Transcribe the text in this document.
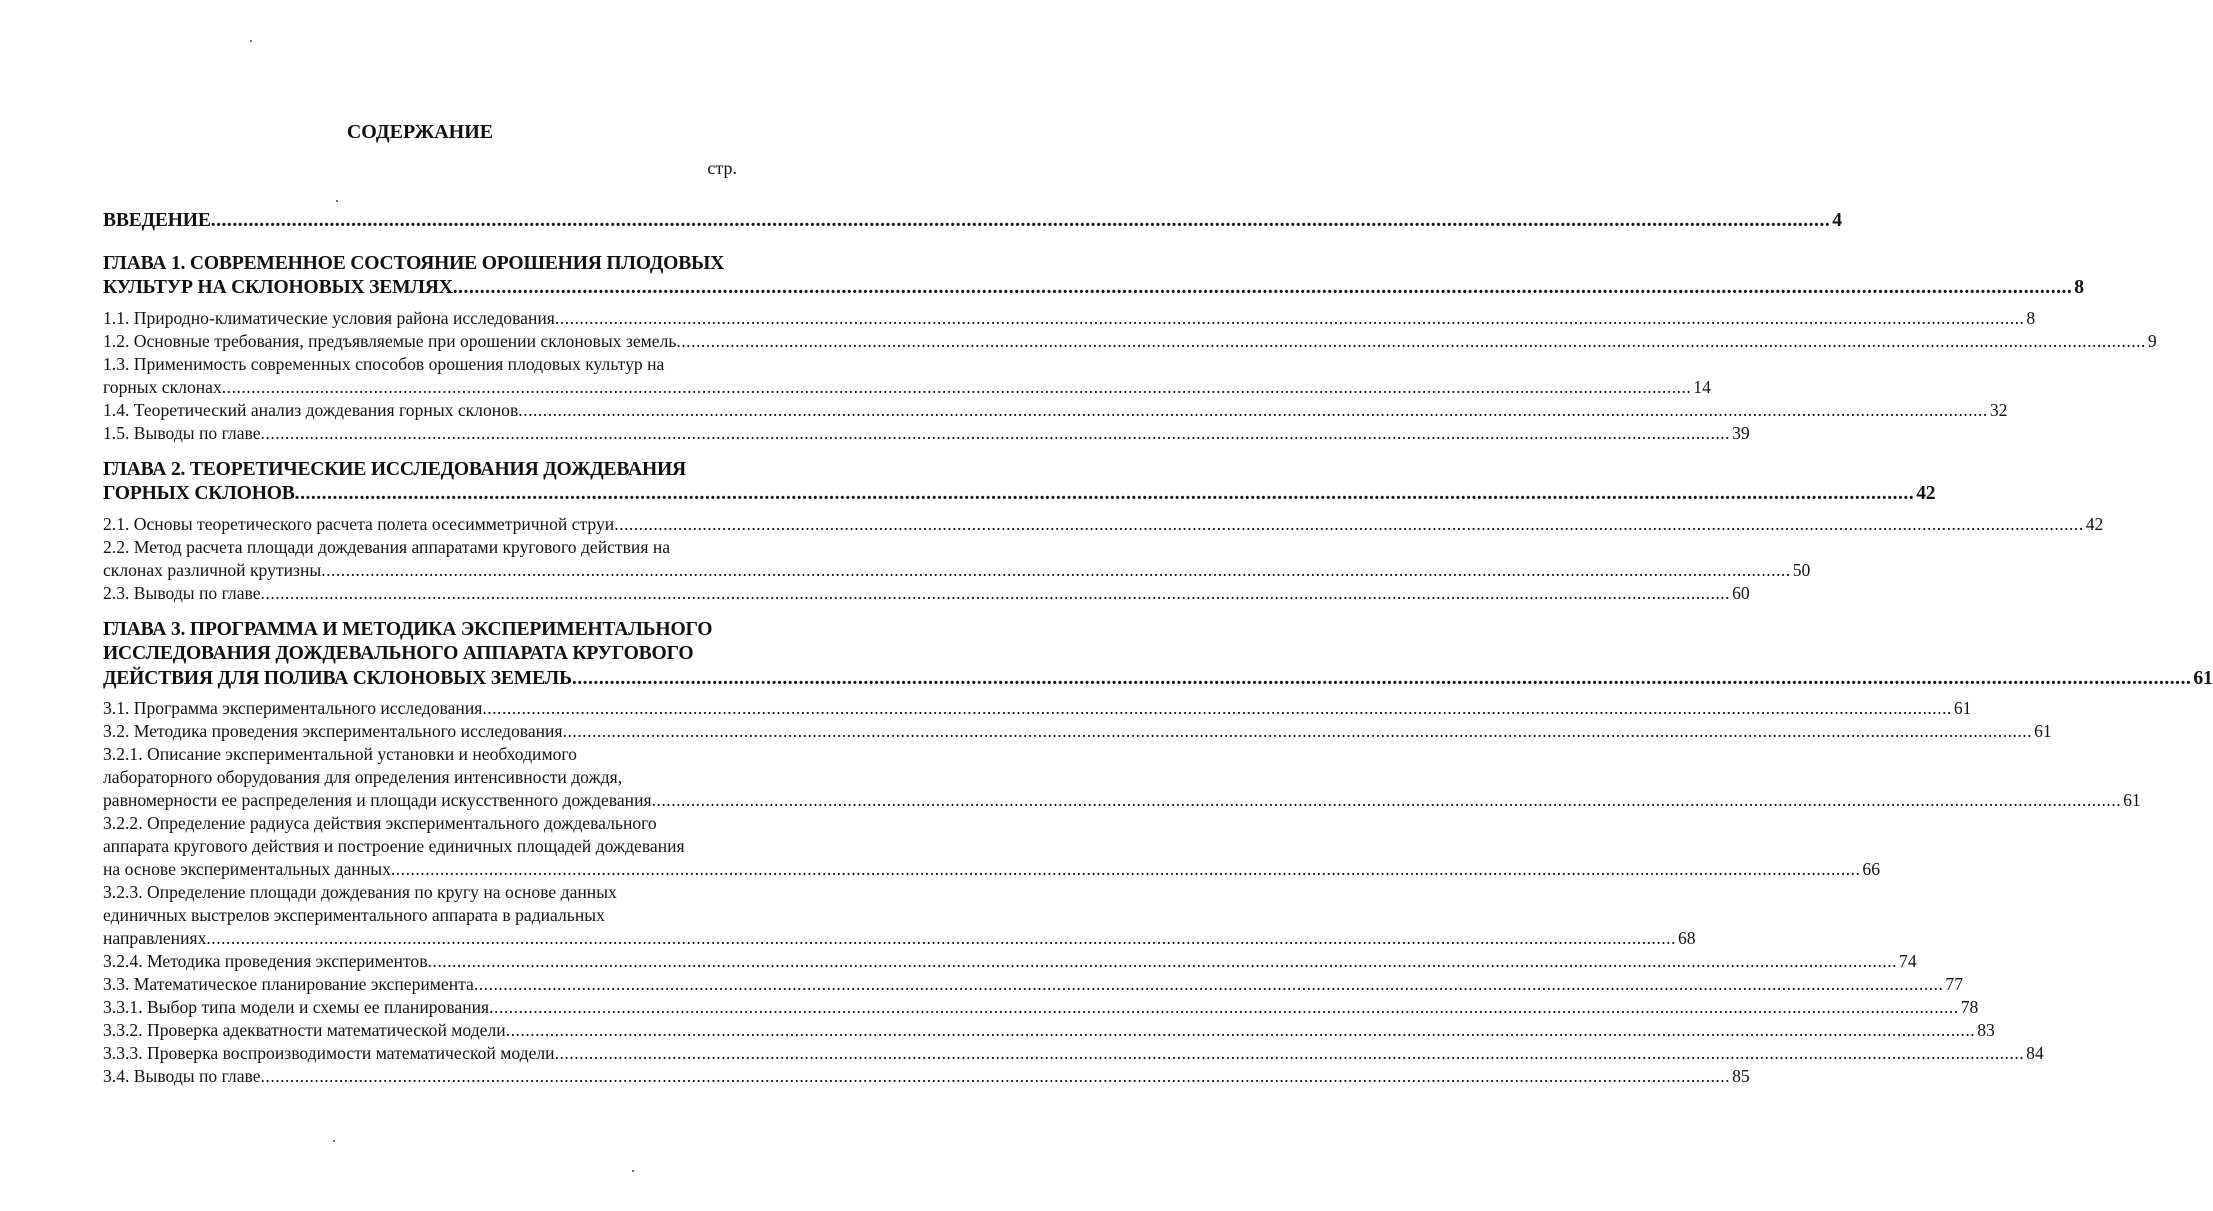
СОДЕРЖАНИЕ
стр.
ВВЕДЕНИЕ ............................................................................................................................................................................................................................................................................................................ 4
ГЛАВА 1. СОВРЕМЕННОЕ СОСТОЯНИЕ ОРОШЕНИЯ ПЛОДОВЫХ
КУЛЬТУР НА СКЛОНОВЫХ ЗЕМЛЯХ ............................................................................................................................................................................................................................................................................................................ 8
1.1. Природно-климатические условия района исследования ............................................................................................................................................................................................................................................................................................................ 8
1.2. Основные требования, предъявляемые при орошении склоновых земель ............................................................................................................................................................................................................................................................................................................ 9
1.3. Применимость современных способов орошения плодовых культур на
горных склонах ............................................................................................................................................................................................................................................................................................................ 14
1.4. Теоретический анализ дождевания горных склонов ............................................................................................................................................................................................................................................................................................................ 32
1.5. Выводы по главе ............................................................................................................................................................................................................................................................................................................ 39
ГЛАВА 2. ТЕОРЕТИЧЕСКИЕ ИССЛЕДОВАНИЯ ДОЖДЕВАНИЯ
ГОРНЫХ СКЛОНОВ ............................................................................................................................................................................................................................................................................................................ 42
2.1. Основы теоретического расчета полета осесимметричной струи ............................................................................................................................................................................................................................................................................................................ 42
2.2. Метод расчета площади дождевания аппаратами кругового действия на
склонах различной крутизны ............................................................................................................................................................................................................................................................................................................ 50
2.3. Выводы по главе ............................................................................................................................................................................................................................................................................................................ 60
ГЛАВА 3. ПРОГРАММА И МЕТОДИКА ЭКСПЕРИМЕНТАЛЬНОГО
ИССЛЕДОВАНИЯ ДОЖДЕВАЛЬНОГО АППАРАТА КРУГОВОГО
ДЕЙСТВИЯ ДЛЯ ПОЛИВА СКЛОНОВЫХ ЗЕМЕЛЬ ............................................................................................................................................................................................................................................................................................................ 61
3.1. Программа экспериментального исследования ............................................................................................................................................................................................................................................................................................................ 61
3.2. Методика проведения экспериментального исследования ............................................................................................................................................................................................................................................................................................................ 61
3.2.1. Описание экспериментальной установки и необходимого
лабораторного оборудования для определения интенсивности дождя,
равномерности ее распределения и площади искусственного дождевания ............................................................................................................................................................................................................................................................................................................ 61
3.2.2. Определение радиуса действия экспериментального дождевального
аппарата кругового действия и построение единичных площадей дождевания
на основе экспериментальных данных ............................................................................................................................................................................................................................................................................................................ 66
3.2.3. Определение площади дождевания по кругу на основе данных
единичных выстрелов экспериментального аппарата в радиальных
направлениях ............................................................................................................................................................................................................................................................................................................ 68
3.2.4. Методика проведения экспериментов ............................................................................................................................................................................................................................................................................................................ 74
3.3. Математическое планирование эксперимента ............................................................................................................................................................................................................................................................................................................ 77
3.3.1. Выбор типа модели и схемы ее планирования ............................................................................................................................................................................................................................................................................................................ 78
3.3.2. Проверка адекватности математической модели ............................................................................................................................................................................................................................................................................................................ 83
3.3.3. Проверка воспроизводимости математической модели ............................................................................................................................................................................................................................................................................................................ 84
3.4. Выводы по главе ............................................................................................................................................................................................................................................................................................................ 85
